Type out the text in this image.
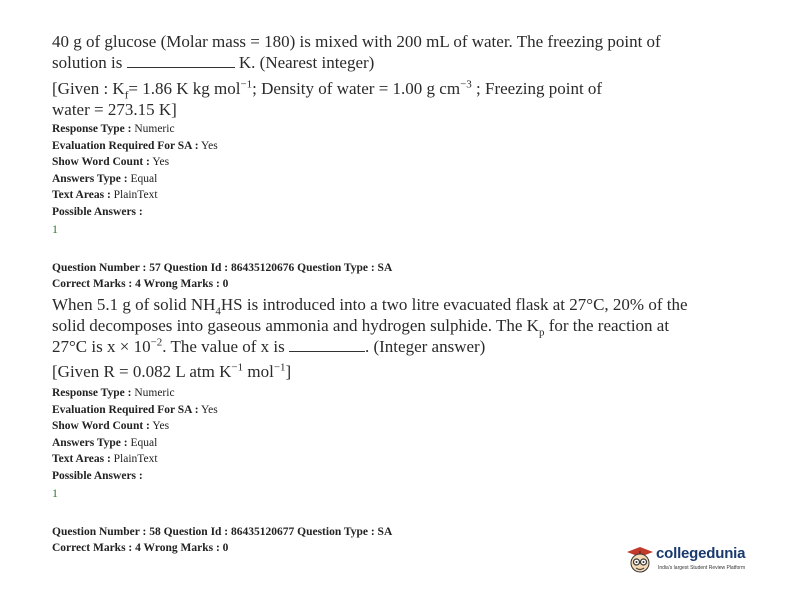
40 g of glucose (Molar mass = 180) is mixed with 200 mL of water. The freezing point of
solution is	K. (Nearest integer)
[Given : $K_f= 1.86$ K kg mol$^{-1}$; Density of water = 1.00 g $cm^{-3}$ ; Freezing point of
water = 273.15 K]
Response Type : Numeric
Evaluation Required For SA : Yes
Show Word Count : Yes
Answers Type : Equal
Text Areas : PlainText
Possible Answers :
1
Question Number : 57 Question Id : 86435120676 Question Type : SA
Correct Marks : 4 Wrong Marks : 0
When 5.1 g of solid $NH_4HS$ is introduced into a two litre evacuated flask at 27°C, 20% of the
solid decomposes into gaseous ammonia and hydrogen sulphide. The $K_p$ for the reaction at
27°C is $x \times 10^{-2}$. The value of x is	. (Integer answer)
[Given R = 0.082 L atm $K^{-1}$ mol$^{-1}$]
Response Type : Numeric
Evaluation Required For SA : Yes
Show Word Count : Yes
Answers Type : Equal
Text Areas : PlainText
Possible Answers :
1
Question Number : 58 Question Id : 86435120677 Question Type : SA
Correct Marks : 4 Wrong Marks : 0	collegedunia
India's largest Student Review Platform
